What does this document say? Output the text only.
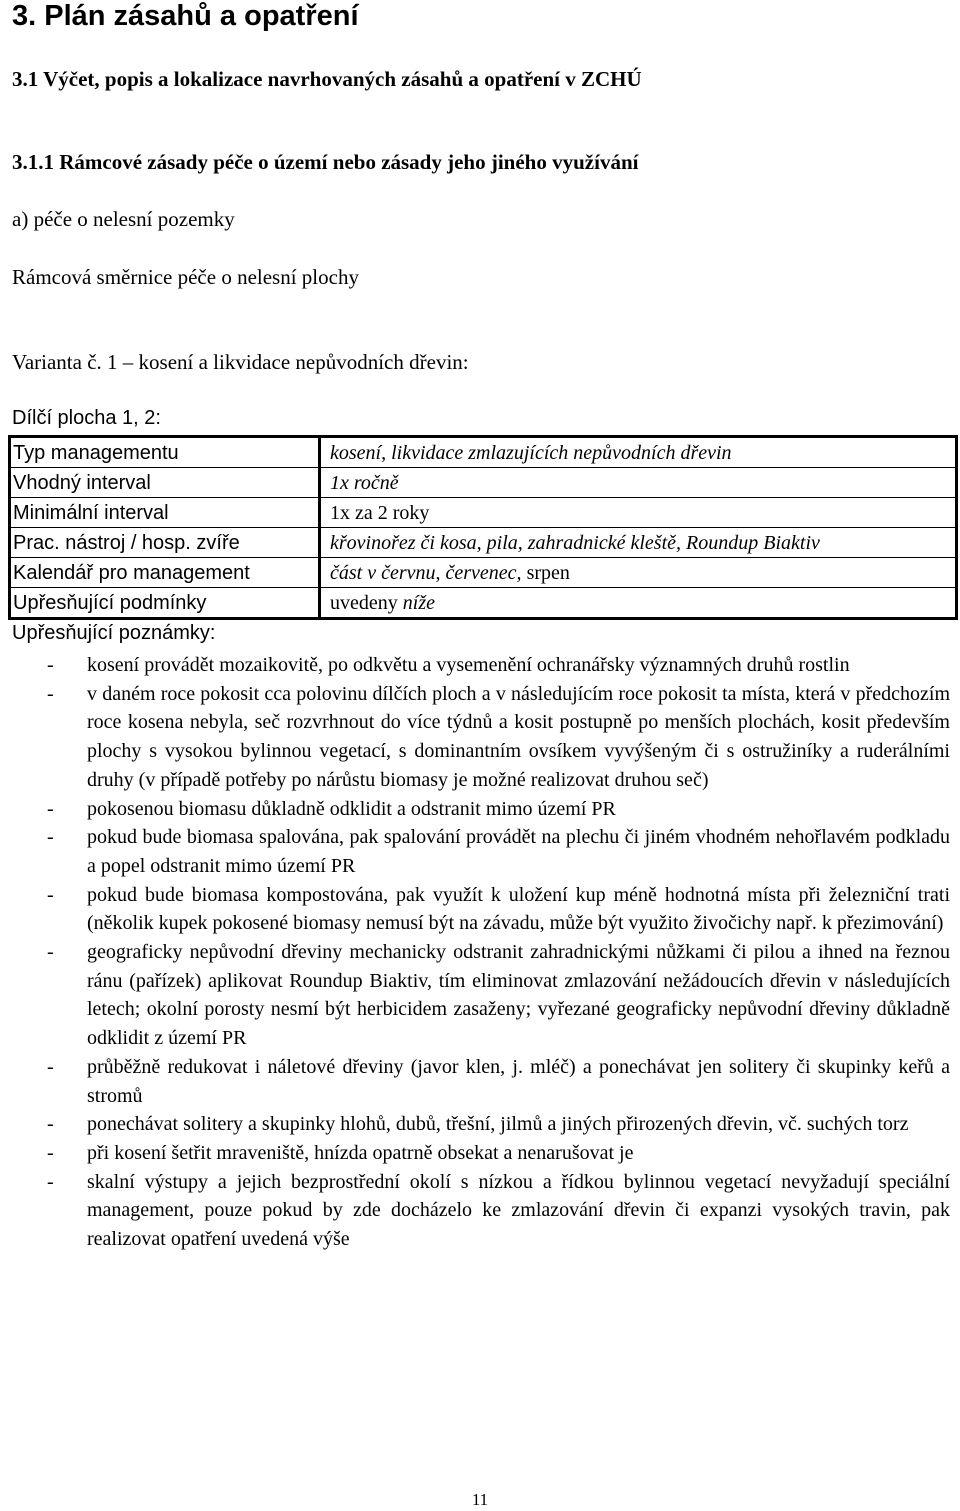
3. Plán zásahů a opatření
3.1 Výčet, popis a lokalizace navrhovaných zásahů a opatření v ZCHÚ
3.1.1 Rámcové zásady péče o území nebo zásady jeho jiného využívání
a) péče o nelesní pozemky
Rámcová směrnice péče o nelesní plochy
Varianta č. 1 – kosení a likvidace nepůvodních dřevin:
Dílčí plocha 1, 2:
Typ managementu	kosení, likvidace zmlazujících nepůvodních dřevin
Vhodný interval	1x ročně
Minimální interval	1x za 2 roky
Prac. nástroj / hosp. zvíře	křovinořez či kosa, pila, zahradnické kleště, Roundup Biaktiv
Kalendář pro management	část v červnu, červenec, srpen
Upřesňující podmínky	uvedeny níže
Upřesňující poznámky:
- kosení provádět mozaikovitě, po odkvětu a vysemenění ochranářsky významných druhů rostlin
- v daném roce pokosit cca polovinu dílčích ploch a v následujícím roce pokosit ta místa, která v předchozím roce kosena nebyla, seč rozvrhnout do více týdnů a kosit postupně po menších plochách, kosit především plochy s vysokou bylinnou vegetací, s dominantním ovsíkem vyvýšeným či s ostružiníky a ruderálními druhy (v případě potřeby po nárůstu biomasy je možné realizovat druhou seč)
- pokosenou biomasu důkladně odklidit a odstranit mimo území PR
- pokud bude biomasa spalována, pak spalování provádět na plechu či jiném vhodném nehořlavém podkladu a popel odstranit mimo území PR
- pokud bude biomasa kompostována, pak využít k uložení kup méně hodnotná místa při železniční trati (několik kupek pokosené biomasy nemusí být na závadu, může být využito živočichy např. k přezimování)
- geograficky nepůvodní dřeviny mechanicky odstranit zahradnickými nůžkami či pilou a ihned na řeznou ránu (pařízek) aplikovat Roundup Biaktiv, tím eliminovat zmlazování nežádoucích dřevin v následujících letech; okolní porosty nesmí být herbicidem zasaženy; vyřezané geograficky nepůvodní dřeviny důkladně odklidit z území PR
- průběžně redukovat i náletové dřeviny (javor klen, j. mléč) a ponechávat jen solitery či skupinky keřů a stromů
- ponechávat solitery a skupinky hlohů, dubů, třešní, jilmů a jiných přirozených dřevin, vč. suchých torz
- při kosení šetřit mraveniště, hnízda opatrně obsekat a nenarušovat je
- skalní výstupy a jejich bezprostřední okolí s nízkou a řídkou bylinnou vegetací nevyžadují speciální management, pouze pokud by zde docházelo ke zmlazování dřevin či expanzi vysokých travin, pak realizovat opatření uvedená výše
11
